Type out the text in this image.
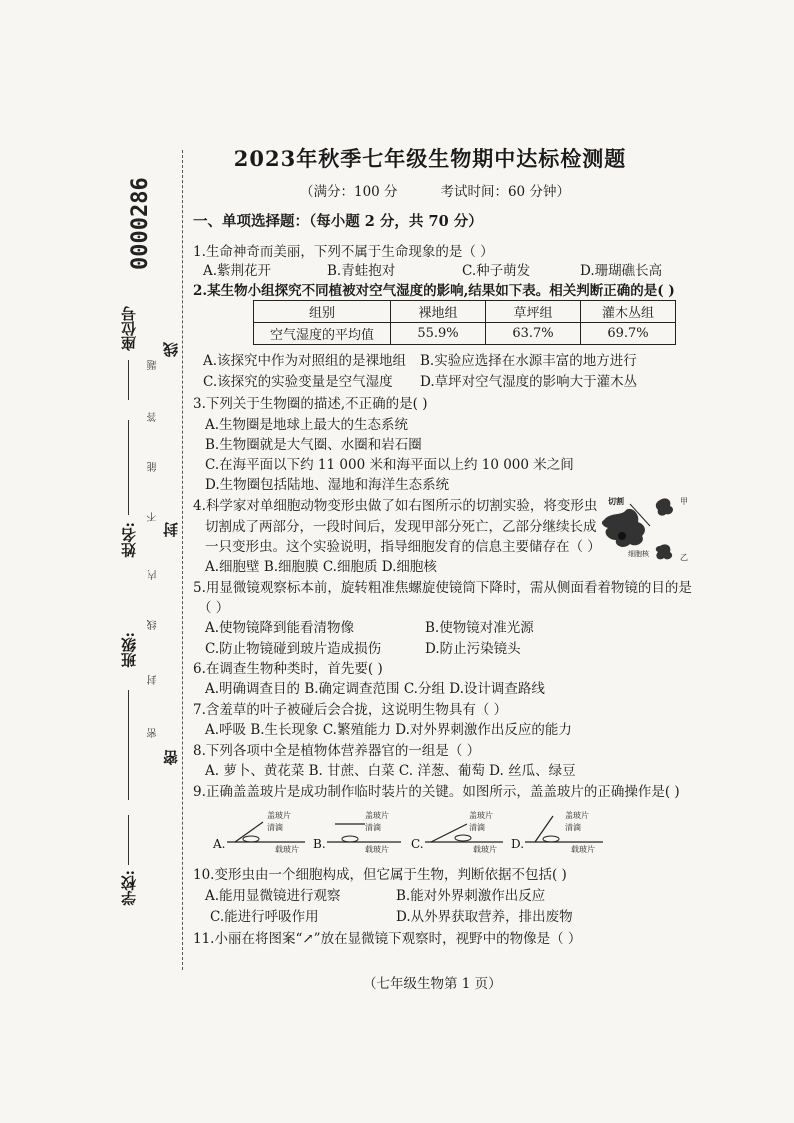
0000286
座位号
姓名:
班级:
学校:
线
封
密
题
答
能
不
内
线
封
密
2023年秋季七年级生物期中达标检测题
（满分：100 分          考试时间：60 分钟）
一、单项选择题：（每小题 2 分，共 70 分）
1.生命神奇而美丽，下列不属于生命现象的是（ ）
A.紫荆花开	B.青蛙抱对	C.种子萌发	D.珊瑚礁长高
2.某生物小组探究不同植被对空气湿度的影响,结果如下表。相关判断正确的是( )
组别	裸地组	草坪组	灌木丛组
空气湿度的平均值	55.9%	63.7%	69.7%
A.该探究中作为对照组的是裸地组 B.实验应选择在水源丰富的地方进行
C.该探究的实验变量是空气湿度 D.草坪对空气湿度的影响大于灌木丛
3.下列关于生物圈的描述,不正确的是( )
A.生物圈是地球上最大的生态系统
B.生物圈就是大气圈、水圈和岩石圈
C.在海平面以下约 11 000 米和海平面以上约 10 000 米之间
D.生物圈包括陆地、湿地和海洋生态系统
4.科学家对单细胞动物变形虫做了如右图所示的切割实验，将变形虫
切割成了两部分，一段时间后，发现甲部分死亡，乙部分继续长成
一只变形虫。这个实验说明，指导细胞发育的信息主要储存在（ ）
A.细胞壁 B.细胞膜 C.细胞质 D.细胞核
切割	甲
乙
细胞核
5.用显微镜观察标本前，旋转粗准焦螺旋使镜筒下降时，需从侧面看着物镜的目的是
（ ）
A.使物镜降到能看清物像	B.使物镜对准光源
C.防止物镜碰到玻片造成损伤	D.防止污染镜头
6.在调查生物种类时，首先要( )
A.明确调查目的 B.确定调查范围 C.分组 D.设计调查路线
7.含羞草的叶子被碰后会合拢，这说明生物具有（ ）
A.呼吸 B.生长现象 C.繁殖能力 D.对外界刺激作出反应的能力
8.下列各项中全是植物体营养器官的一组是（ ）
A. 萝卜、黄花菜 B. 甘蔗、白菜 C. 洋葱、葡萄 D. 丝瓜、绿豆
9.正确盖盖玻片是成功制作临时装片的关键。如图所示，盖盖玻片的正确操作是( )
A.
盖玻片
清滴
载玻片 B.
盖玻片
清滴
载玻片 C.
盖玻片
清滴
载玻片 D.
盖玻片
清滴
载玻片
10.变形虫由一个细胞构成，但它属于生物，判断依据不包括( )
A.能用显微镜进行观察	B.能对外界刺激作出反应
C.能进行呼吸作用	D.从外界获取营养，排出废物
11.小丽在将图案“↗”放在显微镜下观察时，视野中的物像是（ ）
（七年级生物第 1 页）
